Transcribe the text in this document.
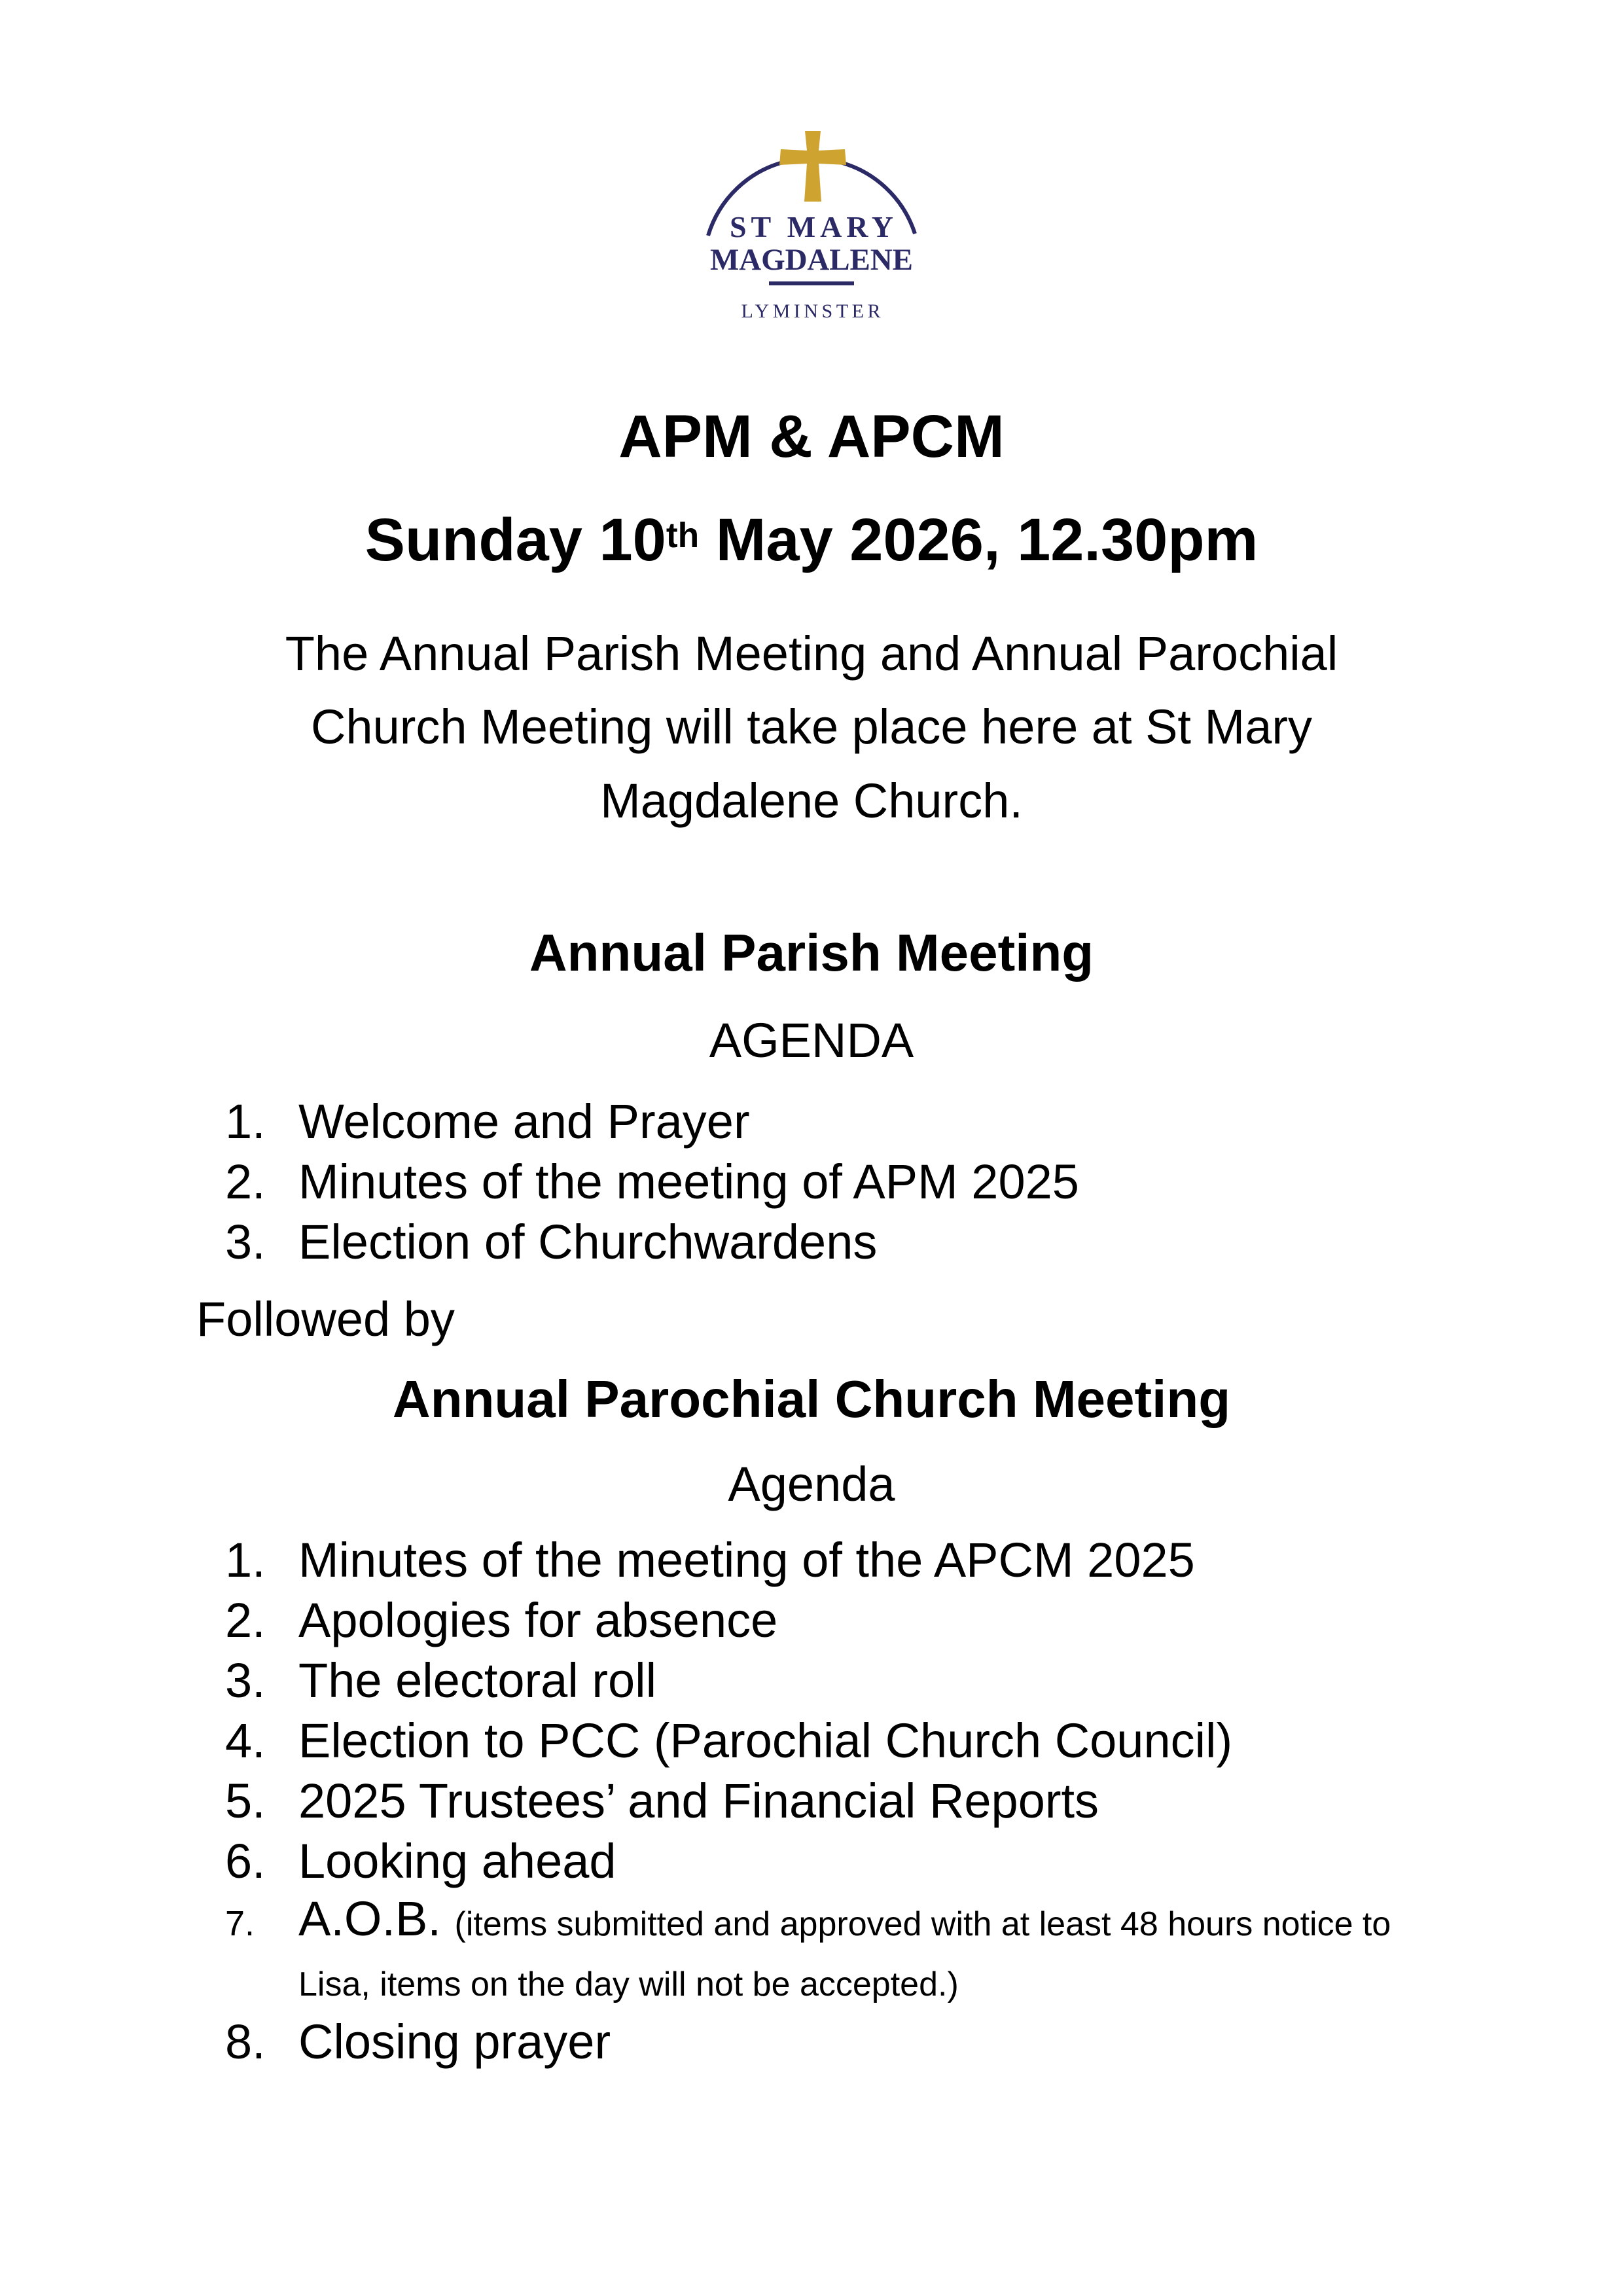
ST MARY
MAGDALENE
LYMINSTER
APM & APCM
Sunday 10th May 2026, 12.30pm

The Annual Parish Meeting and Annual Parochial Church Meeting will take place here at St Mary Magdalene Church.

Annual Parish Meeting
AGENDA
1. Welcome and Prayer
2. Minutes of the meeting of APM 2025
3. Election of Churchwardens

Followed by

Annual Parochial Church Meeting
Agenda
1. Minutes of the meeting of the APCM 2025
2. Apologies for absence
3. The electoral roll
4. Election to PCC (Parochial Church Council)
5. 2025 Trustees’ and Financial Reports
6. Looking ahead
7. A.O.B. (items submitted and approved with at least 48 hours notice to Lisa, items on the day will not be accepted.)
8. Closing prayer
